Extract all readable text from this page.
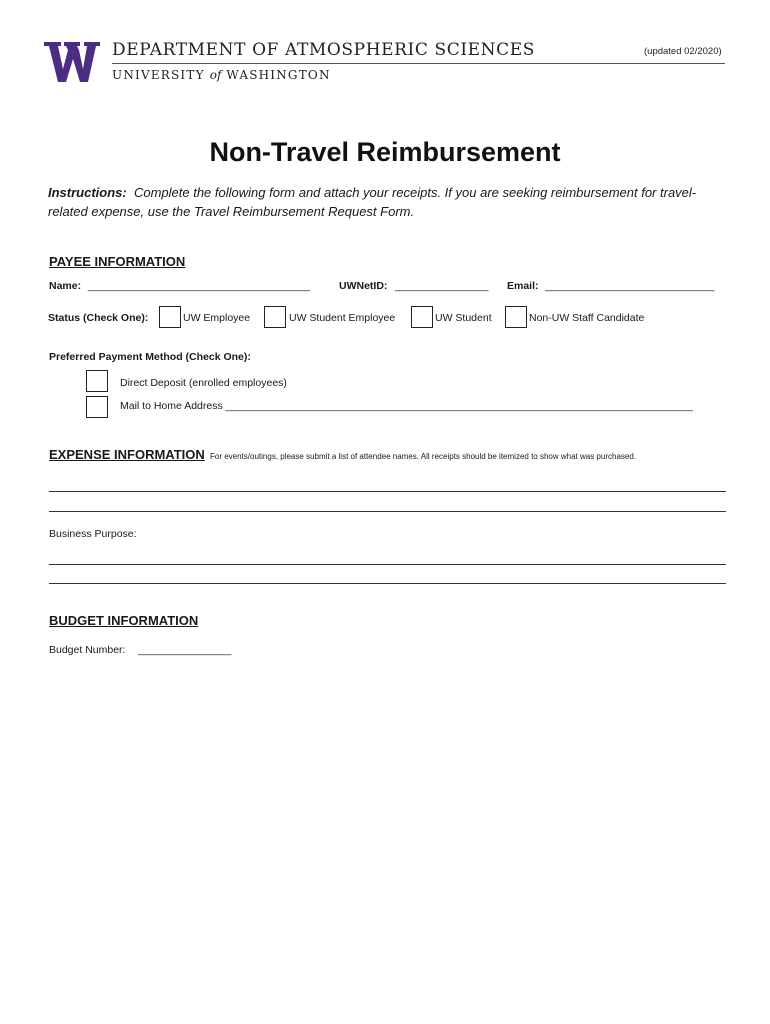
DEPARTMENT OF ATMOSPHERIC SCIENCES
UNIVERSITY of WASHINGTON
(updated 02/2020)
Non-Travel Reimbursement
Instructions: Complete the following form and attach your receipts. If you are seeking reimbursement for travel-related expense, use the Travel Reimbursement Request Form.
PAYEE INFORMATION
Name: ______________________________________	UWNetID: ________________ Email: _____________________________
Status (Check One):	UW Employee	UW Student Employee	UW Student	Non-UW Staff Candidate
Preferred Payment Method (Check One):
Direct Deposit (enrolled employees)
Mail to Home Address ________________________________________________________________________________
EXPENSE INFORMATION For events/outings, please submit a list of attendee names. All receipts should be itemized to show what was purchased.
Business Purpose:
BUDGET INFORMATION
Budget Number: ________________
